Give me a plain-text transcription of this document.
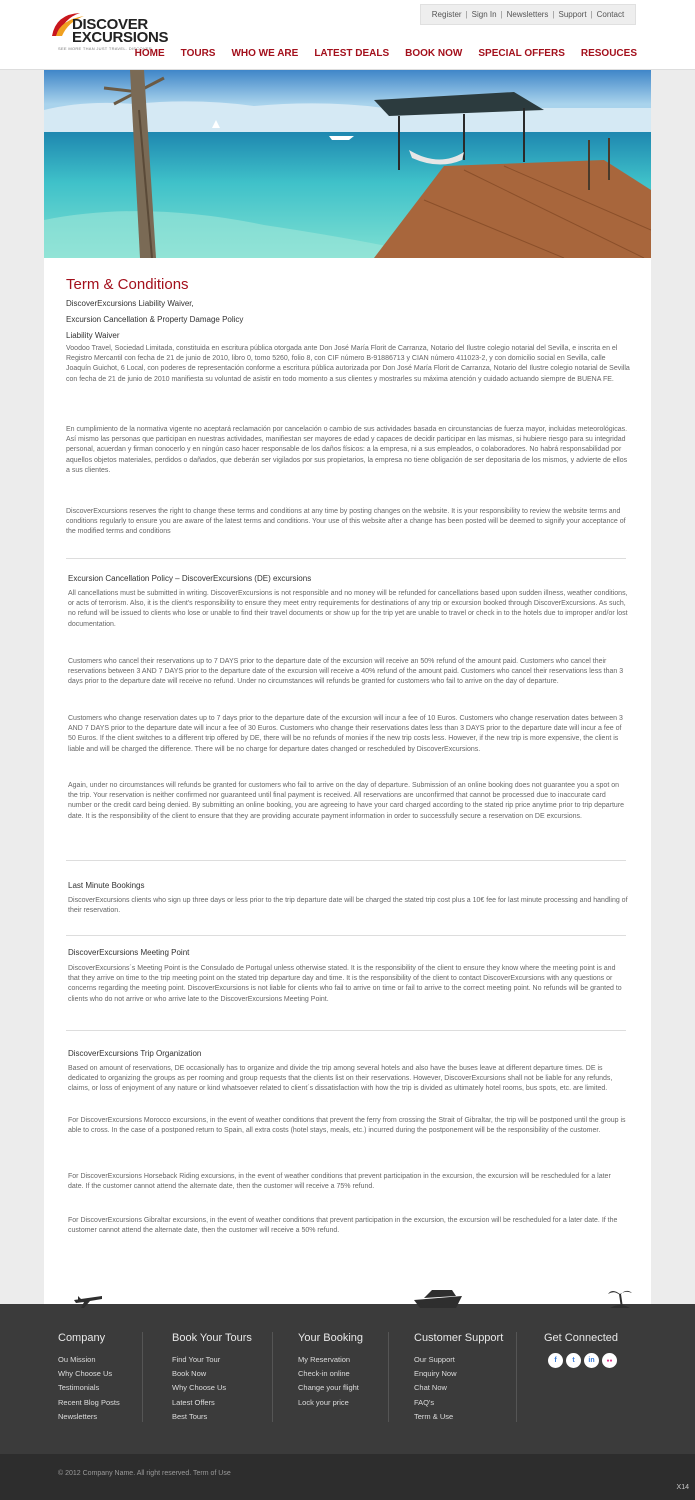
DISCOVER
EXCURSIONS
SEE MORE THAN JUST TRAVEL. DISCOVER
Register | Sign In | Newsletters | Support | Contact
HOME TOURS WHO WE ARE LATEST DEALS BOOK NOW SPECIAL OFFERS RESOUCES
Term & Conditions
DiscoverExcursions Liability Waiver,
Excursion Cancellation & Property Damage Policy
Liability Waiver

Voodoo Travel, Sociedad Limitada, constituida en escritura pública otorgada ante Don José María Florit de Carranza, Notario del Ilustre colegio notarial del Sevilla, e inscrita en el Registro Mercantil con fecha de 21 de junio de 2010, libro 0, tomo 5260, folio 8, con CIF número B-91886713 y CIAN número 411023-2, y con domicilio social en Sevilla, calle Joaquín Guichot, 6 Local, con poderes de representación conforme a escritura pública autorizada por Don José María Florit de Carranza, Notario del Ilustre colegio notarial de Sevilla con fecha de 21 de junio de 2010 manifiesta su voluntad de asistir en todo momento a sus clientes y mostrarles su máxima atención y cuidado actuando siempre de BUENA FE.

En cumplimiento de la normativa vigente no aceptará reclamación por cancelación o cambio de sus actividades basada en circunstancias de fuerza mayor, incluidas meteorológicas. Así mismo las personas que participan en nuestras actividades, manifiestan ser mayores de edad y capaces de decidir participar en las mismas, si hubiere riesgo para su integridad personal, acuerdan y firman conocerlo y en ningún caso hacer responsable de los daños físicos: a la empresa, ni a sus empleados, o colaboradores. No habrá responsabilidad por aquellos objetos materiales, perdidos o dañados, que deberán ser vigilados por sus propietarios, la empresa no tiene obligación de ser depositaria de los mismos, y advierte de ellos a sus clientes.

DiscoverExcursions reserves the right to change these terms and conditions at any time by posting changes on the website. It is your responsibility to review the website terms and conditions regularly to ensure you are aware of the latest terms and conditions. Your use of this website after a change has been posted will be deemed to signify your acceptance of the modified terms and conditions

Excursion Cancellation Policy – DiscoverExcursions (DE) excursions

All cancellations must be submitted in writing. DiscoverExcursions is not responsible and no money will be refunded for cancellations based upon sudden illness, weather conditions, or acts of terrorism. Also, it is the client's responsibility to ensure they meet entry requirements for destinations of any trip or excursion booked through DiscoverExcursions. As such, no refund will be issued to clients who lose or unable to find their travel documents or show up for the trip yet are unable to travel or check in to the hotels due to improper and/or lost documentation.

Customers who cancel their reservations up to 7 DAYS prior to the departure date of the excursion will receive an 50% refund of the amount paid. Customers who cancel their reservations between 3 AND 7 DAYS prior to the departure date of the excursion will receive a 40% refund of the amount paid. Customers who cancel their reservations less than 3 days prior to the departure date will receive no refund. Under no circumstances will refunds be granted for customers who fail to arrive on the day of departure.

Customers who change reservation dates up to 7 days prior to the departure date of the excursion will incur a fee of 10 Euros. Customers who change reservation dates between 3 AND 7 DAYS prior to the departure date will incur a fee of 30 Euros. Customers who change their reservations dates less than 3 DAYS prior to the departure date will incur a fee of 50 Euros. If the client switches to a different trip offered by DE, there will be no refunds of monies if the new trip costs less. However, if the new trip is more expensive, the client is liable and will be charged the difference. There will be no charge for departure dates changed or rescheduled by DiscoverExcursions.

Again, under no circumstances will refunds be granted for customers who fail to arrive on the day of departure. Submission of an online booking does not guarantee you a spot on the trip. Your reservation is neither confirmed nor guaranteed until final payment is received. All reservations are unconfirmed that cannot be processed due to inaccurate card number or the credit card being denied. By submitting an online booking, you are agreeing to have your card charged according to the stated rip price anytime prior to trip departure date. It is the responsibility of the client to ensure that they are providing accurate payment information in order to successfully secure a reservation on DE excursions.

Last Minute Bookings

DiscoverExcursions clients who sign up three days or less prior to the trip departure date will be charged the stated trip cost plus a 10€ fee for last minute processing and handling of their reservation.

DiscoverExcursions Meeting Point

DiscoverExcursions´s Meeting Point is the Consulado de Portugal unless otherwise stated. It is the responsibility of the client to ensure they know where the meeting point is and that they arrive on time to the trip meeting point on the stated trip departure day and time. It is the responsibility of the client to contact DiscoverExcursions with any questions or concerns regarding the meeting point. DiscoverExcursions is not liable for clients who fail to arrive on time or fail to arrive to the correct meeting point. No refunds will be granted to clients who do not arrive or who arrive late to the DiscoverExcursions Meeting Point.

DiscoverExcursions Trip Organization

Based on amount of reservations, DE occasionally has to organize and divide the trip among several hotels and also have the buses leave at different departure times. DE is dedicated to organizing the groups as per rooming and group requests that the clients list on their reservations. However, DiscoverExcursions shall not be liable for any refunds, claims, or loss of enjoyment of any nature or kind whatsoever related to client´s dissatisfaction with how the trip is divided as ultimately hotel rooms, bus spots, etc. are limited.

For DiscoverExcursions Morocco excursions, in the event of weather conditions that prevent the ferry from crossing the Strait of Gibraltar, the trip will be postponed until the group is able to cross. In the case of a postponed return to Spain, all extra costs (hotel stays, meals, etc.) incurred during the postponement will be the responsibility of the customer.

For DiscoverExcursions Horseback Riding excursions, in the event of weather conditions that prevent participation in the excursion, the excursion will be rescheduled for a later date. If the customer cannot attend the alternate date, then the customer will receive a 75% refund.

For DiscoverExcursions Gibraltar excursions, in the event of weather conditions that prevent participation in the excursion, the excursion will be rescheduled for a later date. If the customer cannot attend the alternate date, then the customer will receive a 50% refund.

Company
Ou Mission
Why Choose Us
Testimonials
Recent Blog Posts
Newsletters
Book Your Tours
Find Your Tour
Book Now
Why Choose Us
Latest Offers
Best Tours
Your Booking
My Reservation
Check-in online
Change your flight
Lock your price
Customer Support
Our Support
Enquiry Now
Chat Now
FAQ's
Term & Use
Get Connected
f	t	in	●●
© 2012 Company Name. All right reserved. Term of Use
X14
